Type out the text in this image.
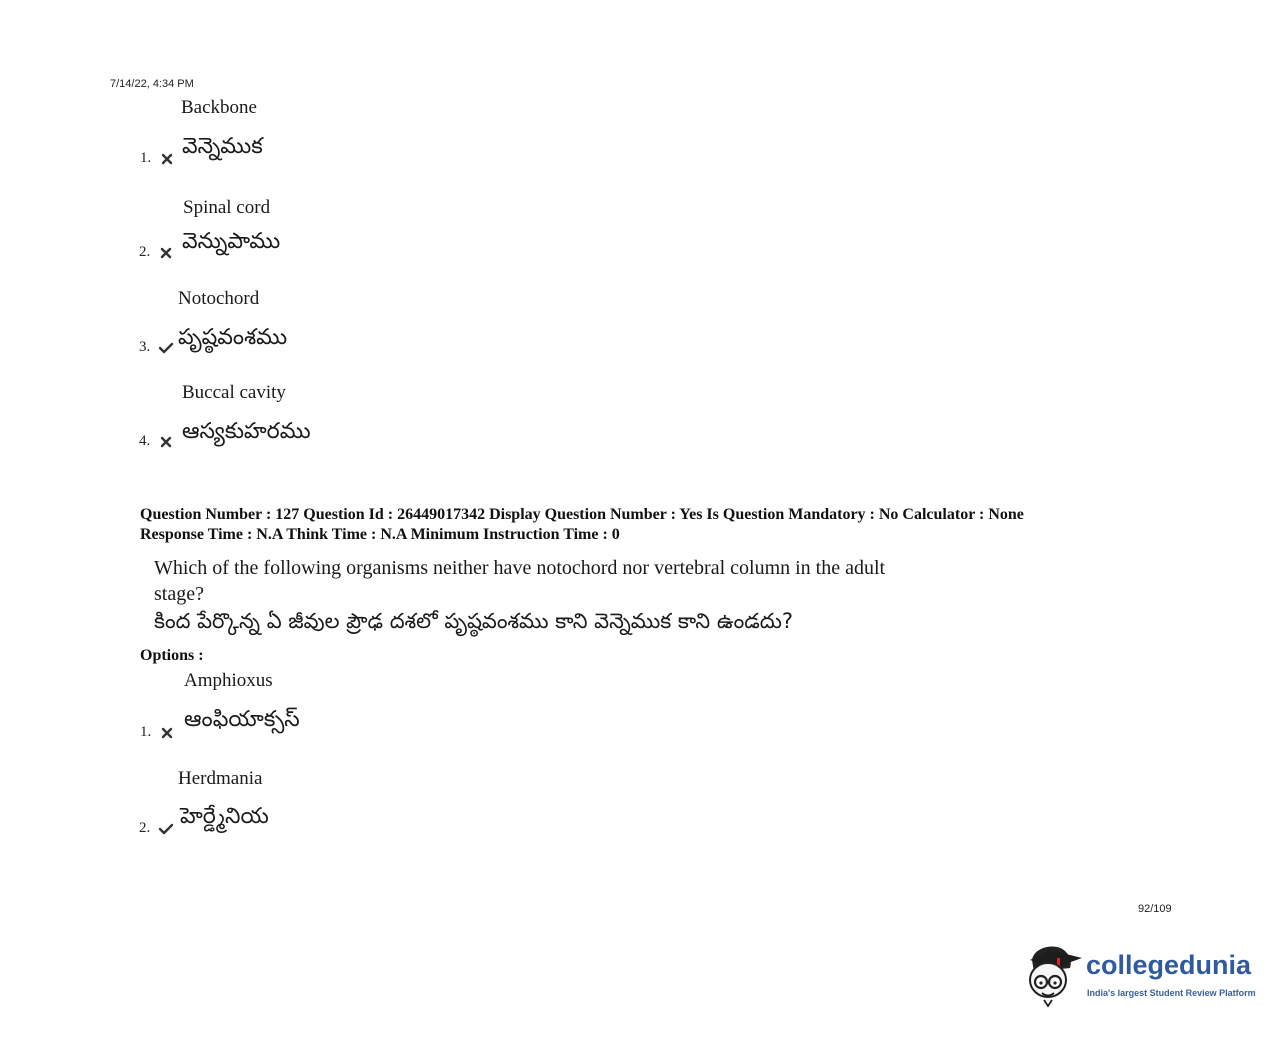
7/14/22, 4:34 PM
Backbone
1.	వెన్నెముక
Spinal cord
2.	వెన్నుపాము
Notochord
3.	పృష్ఠవంశము
Buccal cavity
4.	ఆస్యకుహరము
Question Number : 127 Question Id : 26449017342 Display Question Number : Yes Is Question Mandatory : No Calculator : None
Response Time : N.A Think Time : N.A Minimum Instruction Time : 0
Which of the following organisms neither have notochord nor vertebral column in the adult
stage?
కింద పేర్కొన్న ఏ జీవుల ప్రౌఢ దశలో పృష్ఠవంశము కాని వెన్నెముక కాని ఉండదు?
Options :
Amphioxus
1.	ఆంఫియాక్సస్
Herdmania
2.	హెర్డ్మేనియ
92/109
collegedunia
India's largest Student Review Platform
